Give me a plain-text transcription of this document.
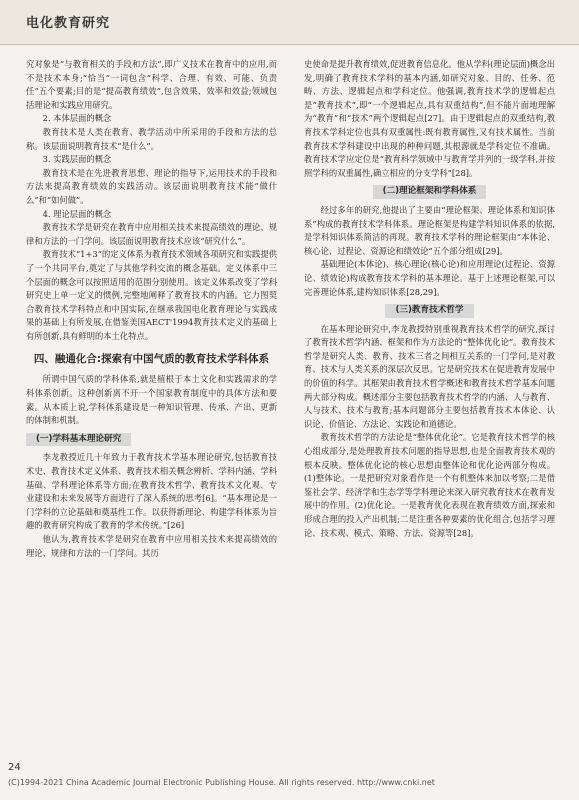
电化教育研究

究对象是“与教育相关的手段和方法”,即广义技术在教育中的应用,而不是技术本身;“恰当”一词包含“科学、合理、有效、可能、负责任”五个要素;目的是“提高教育绩效”,包含效果、效率和效益;领域包括理论和实践应用研究。

2. 本体层面的概念

教育技术是人类在教育、教学活动中所采用的手段和方法的总称。该层面说明教育技术“是什么”。

3. 实践层面的概念

教育技术是在先进教育思想、理论的指导下,运用技术的手段和方法来提高教育绩效的实践活动。该层面说明教育技术能“做什么”和“如何做”。

4. 理论层面的概念

教育技术学是研究在教育中应用相关技术来提高绩效的理论、规律和方法的一门学问。该层面说明教育技术应该“研究什么”。

教育技术“1+3”的定义体系为教育技术领域各项研究和实践提供了一个共同平台,奠定了与其他学科交流的概念基础。定义体系中三个层面的概念可以按照适用的范围分别使用。该定义体系改变了学科研究史上单一定义的惯例,完整地阐释了教育技术的内涵。它力图契合教育技术学科特点和中国实际,在继承我国电化教育理论与实践成果的基础上有所发展,在借鉴美国AECT'1994教育技术定义的基础上有所创新,具有鲜明的本土化特点。

四、融通化合:探索有中国气质的教育技术学科体系

所谓中国气质的学科体系,就是植根于本土文化和实践需求的学科体系创新。这种创新离不开一个国家教育制度中的具体方法和要素。从本质上说,学科体系建设是一种知识管理、传承、产出、更新的体制和机制。

(一)学科基本理论研究

李龙教授近几十年致力于教育技术学基本理论研究,包括教育技术史、教育技术定义体系、教育技术相关概念辨析、学科内涵、学科基础、学科理论体系等方面;在教育技术哲学、教育技术文化观、专业建设和未来发展等方面进行了深入系统的思考[6]。“基本理论是一门学科的立论基础和奠基性工作。以获得新理论、构建学科体系为旨趣的教育研究构成了教育的学术传统。”[26]

他认为,教育技术学是研究在教育中应用相关技术来提高绩效的理论、规律和方法的一门学问。其历

史使命是提升教育绩效,促进教育信息化。他从学科(理论层面)概念出发,明确了教育技术学科的基本内涵,如研究对象、目的、任务、范畴、方法、逻辑起点和学科定位。他强调,教育技术学的逻辑起点是“教育技术”,即“一个逻辑起点,具有双重结构”,但不能片面地理解为“教育”和“技术”两个逻辑起点[27]。由于逻辑起点的双重结构,教育技术学科定位也具有双重属性:既有教育属性,又有技术属性。当前教育技术学科建设中出现的种种问题,其根源就是学科定位不准确。教育技术学应定位是“教育科学领域中与教育学并列的一级学科,并按照学科的双重属性,确立相应的分支学科”[28]。

(二)理论框架和学科体系

经过多年的研究,他提出了主要由“理论框架、理论体系和知识体系”构成的教育技术学科体系。理论框架是构建学科知识体系的依据,是学科知识体系简洁的再现。教育技术学科的理论框架由“本体论、核心论、过程论、资源论和绩效论”五个部分组成[29]。

基础理论(本体论)、核心理论(核心论)和应用理论(过程论、资源论、绩效论)构成教育技术学科的基本理论。基于上述理论框架,可以完善理论体系,建构知识体系[28,29]。

(三)教育技术哲学

在基本理论研究中,李龙教授特别重视教育技术哲学的研究,探讨了教育技术哲学内涵、框架和作为方法论的“整体优化论”。教育技术哲学是研究人类、教育、技术三者之间相互关系的一门学问,是对教育、技术与人类关系的深层次反思。它是研究技术在促进教育发展中的价值的科学。其框架由教育技术哲学概述和教育技术哲学基本问题两大部分构成。概述部分主要包括教育技术哲学的内涵、人与教育、人与技术、技术与教育;基本问题部分主要包括教育技术本体论、认识论、价值论、方法论、实践论和道德论。

教育技术哲学的方法论是“整体优化论”。它是教育技术哲学的核心组成部分,是处理教育技术问题的指导思想,也是全面教育技术观的根本反映。整体优化论的核心思想由整体论和优化论两部分构成。(1)整体论。一是把研究对象看作是一个有机整体来加以考察;二是借鉴社会学、经济学和生态学等学科理论来深入研究教育技术在教育发展中的作用。(2)优化论。一是教育优化表现在教育绩效方面,探索和形成合理的投入产出机制;二是注重各种要素的优化组合,包括学习理论、技术观、模式、策略、方法、资源等[28]。

24
(C)1994-2021 China Academic Journal Electronic Publishing House. All rights reserved. http://www.cnki.net
